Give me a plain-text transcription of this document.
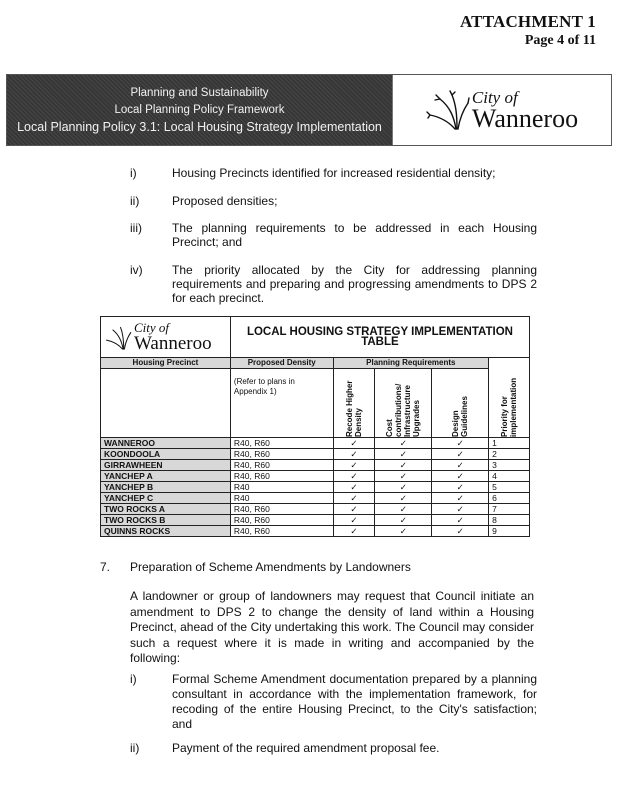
ATTACHMENT 1
Page 4 of 11
Planning and Sustainability
Local Planning Policy Framework
Local Planning Policy 3.1: Local Housing Strategy Implementation
City of
Wanneroo
i)	Housing Precincts identified for increased residential density;
ii)	Proposed densities;
iii)	The planning requirements to be addressed in each Housing Precinct; and
iv) The priority allocated by the City for addressing planning requirements and preparing and progressing amendments to DPS 2 for each precinct.
City of
Wanneroo	LOCAL HOUSING STRATEGY IMPLEMENTATION TABLE				
Housing Precinct	Proposed Density	Planning Requirements			Priority for implementation

	(Refer to plans in Appendix 1)	Recode Higher Density	Cost contributions/ Infrastructure Upgrades	Design Guidelines	

WANNEROO	R40, R60	✓	✓	✓	1
KOONDOOLA	R40, R60	✓	✓	✓	2
GIRRAWHEEN	R40, R60	✓	✓	✓	3
YANCHEP A	R40, R60	✓	✓	✓	4
YANCHEP B	R40	✓	✓	✓	5
YANCHEP C	R40	✓	✓	✓	6
TWO ROCKS A	R40, R60	✓	✓	✓	7
TWO ROCKS B	R40, R60	✓	✓	✓	8
QUINNS ROCKS	R40, R60	✓	✓	✓	9
7. Preparation of Scheme Amendments by Landowners
A landowner or group of landowners may request that Council initiate an amendment to DPS 2 to change the density of land within a Housing Precinct, ahead of the City undertaking this work. The Council may consider such a request where it is made in writing and accompanied by the following:
i)	Formal Scheme Amendment documentation prepared by a planning consultant in accordance with the implementation framework, for recoding of the entire Housing Precinct, to the City's satisfaction; and
ii)	Payment of the required amendment proposal fee.
